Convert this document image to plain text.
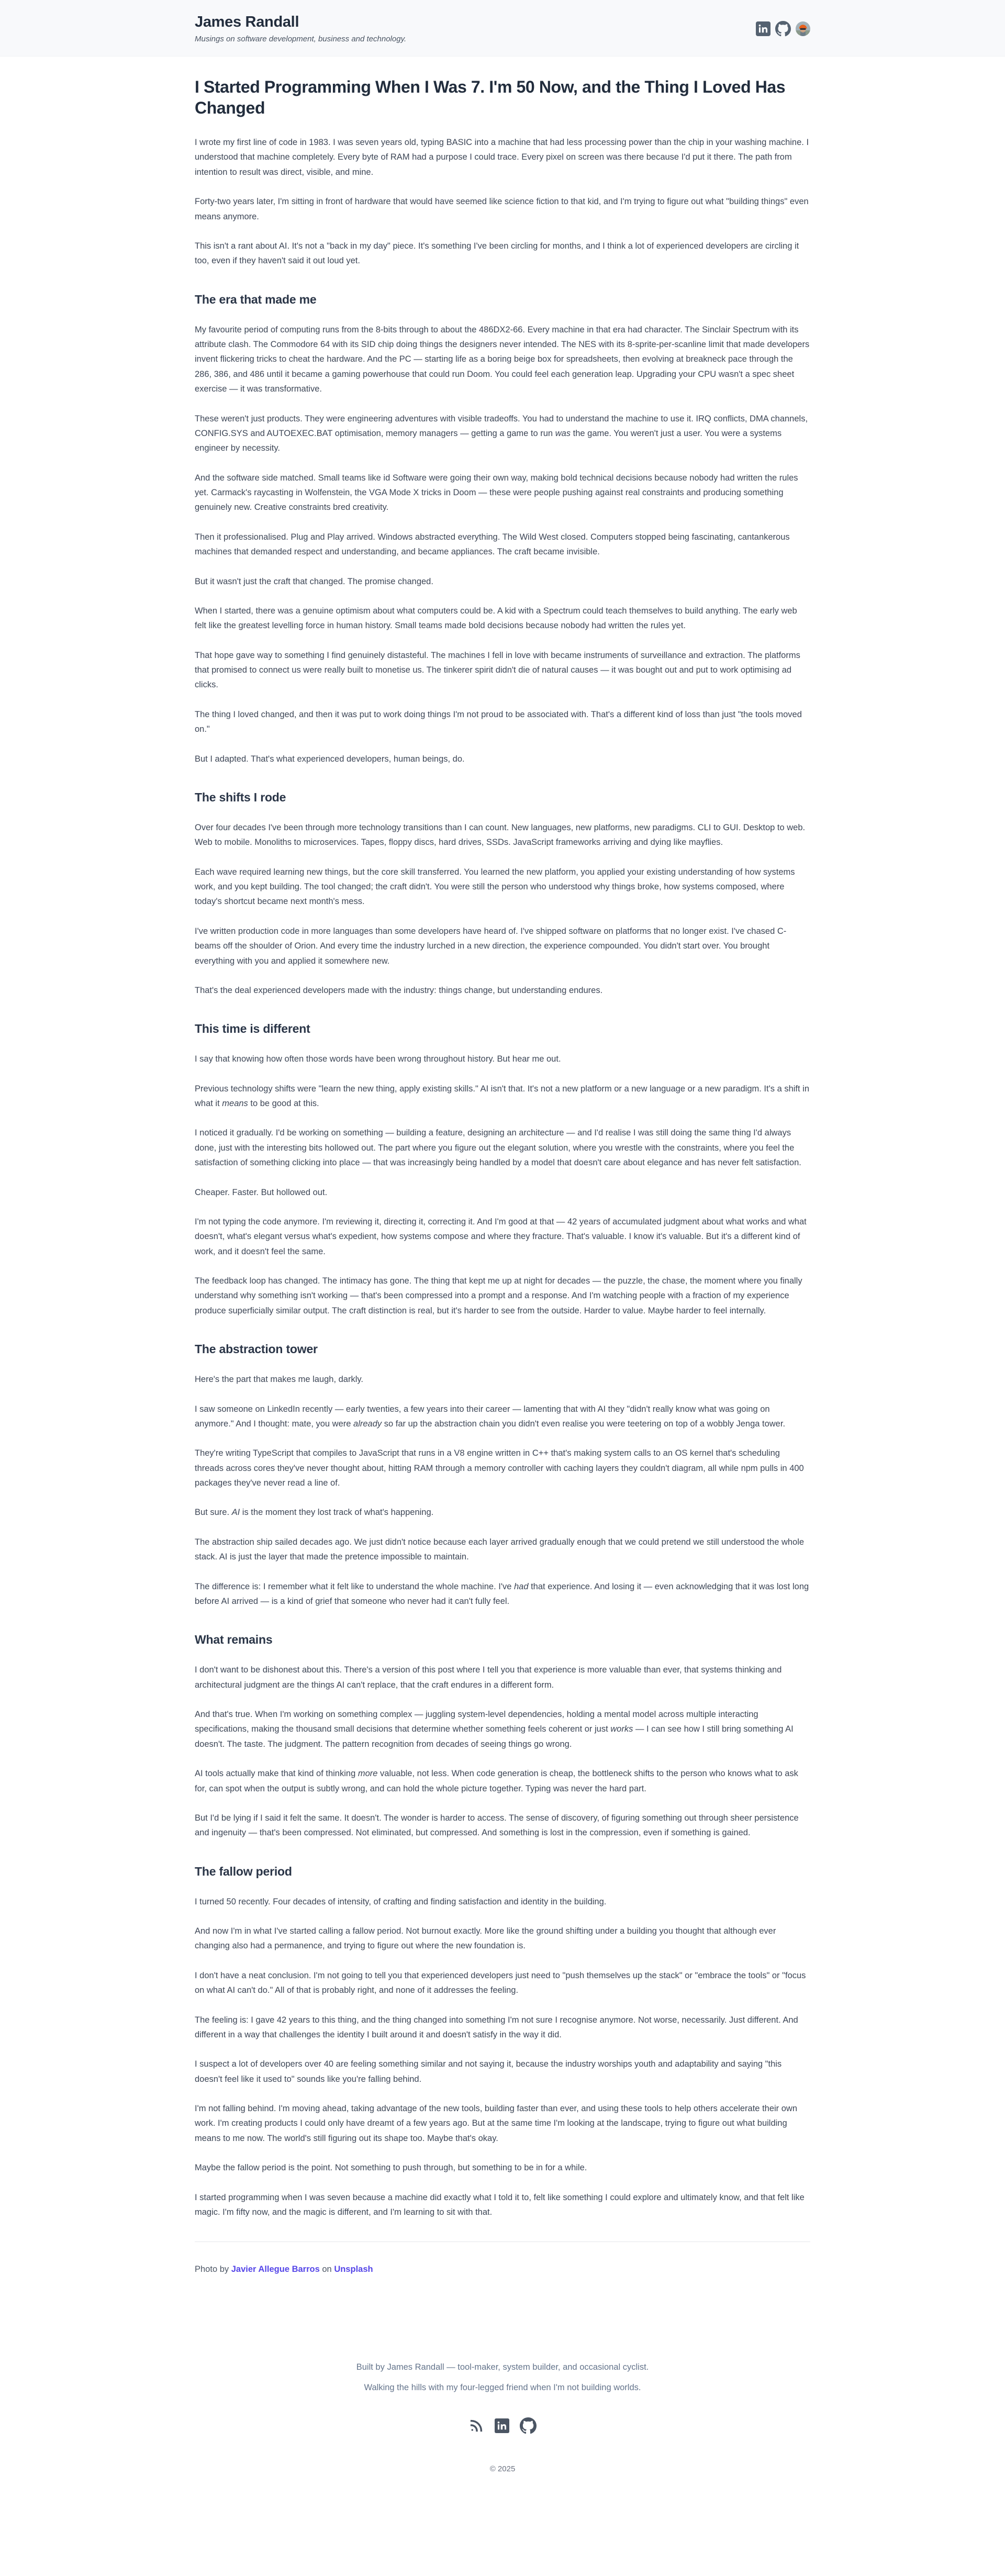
James Randall

Musings on software development, business and technology.

I Started Programming When I Was 7. I'm 50 Now, and the Thing I Loved Has Changed

I wrote my first line of code in 1983. I was seven years old, typing BASIC into a machine that had less processing power than the chip in your washing machine. I understood that machine completely. Every byte of RAM had a purpose I could trace. Every pixel on screen was there because I'd put it there. The path from intention to result was direct, visible, and mine.

Forty-two years later, I'm sitting in front of hardware that would have seemed like science fiction to that kid, and I'm trying to figure out what "building things" even means anymore.

This isn't a rant about AI. It's not a "back in my day" piece. It's something I've been circling for months, and I think a lot of experienced developers are circling it too, even if they haven't said it out loud yet.

The era that made me

My favourite period of computing runs from the 8-bits through to about the 486DX2-66. Every machine in that era had character. The Sinclair Spectrum with its attribute clash. The Commodore 64 with its SID chip doing things the designers never intended. The NES with its 8-sprite-per-scanline limit that made developers invent flickering tricks to cheat the hardware. And the PC — starting life as a boring beige box for spreadsheets, then evolving at breakneck pace through the 286, 386, and 486 until it became a gaming powerhouse that could run Doom. You could feel each generation leap. Upgrading your CPU wasn't a spec sheet exercise — it was transformative.

These weren't just products. They were engineering adventures with visible tradeoffs. You had to understand the machine to use it. IRQ conflicts, DMA channels, CONFIG.SYS and AUTOEXEC.BAT optimisation, memory managers — getting a game to run was the game. You weren't just a user. You were a systems engineer by necessity.

And the software side matched. Small teams like id Software were going their own way, making bold technical decisions because nobody had written the rules yet. Carmack's raycasting in Wolfenstein, the VGA Mode X tricks in Doom — these were people pushing against real constraints and producing something genuinely new. Creative constraints bred creativity.

Then it professionalised. Plug and Play arrived. Windows abstracted everything. The Wild West closed. Computers stopped being fascinating, cantankerous machines that demanded respect and understanding, and became appliances. The craft became invisible.

But it wasn't just the craft that changed. The promise changed.

When I started, there was a genuine optimism about what computers could be. A kid with a Spectrum could teach themselves to build anything. The early web felt like the greatest levelling force in human history. Small teams made bold decisions because nobody had written the rules yet.

That hope gave way to something I find genuinely distasteful. The machines I fell in love with became instruments of surveillance and extraction. The platforms that promised to connect us were really built to monetise us. The tinkerer spirit didn't die of natural causes — it was bought out and put to work optimising ad clicks.

The thing I loved changed, and then it was put to work doing things I'm not proud to be associated with. That's a different kind of loss than just "the tools moved on."

But I adapted. That's what experienced developers, human beings, do.

The shifts I rode

Over four decades I've been through more technology transitions than I can count. New languages, new platforms, new paradigms. CLI to GUI. Desktop to web. Web to mobile. Monoliths to microservices. Tapes, floppy discs, hard drives, SSDs. JavaScript frameworks arriving and dying like mayflies.

Each wave required learning new things, but the core skill transferred. You learned the new platform, you applied your existing understanding of how systems work, and you kept building. The tool changed; the craft didn't. You were still the person who understood why things broke, how systems composed, where today's shortcut became next month's mess.

I've written production code in more languages than some developers have heard of. I've shipped software on platforms that no longer exist. I've chased C-beams off the shoulder of Orion. And every time the industry lurched in a new direction, the experience compounded. You didn't start over. You brought everything with you and applied it somewhere new.

That's the deal experienced developers made with the industry: things change, but understanding endures.

This time is different

I say that knowing how often those words have been wrong throughout history. But hear me out.

Previous technology shifts were "learn the new thing, apply existing skills." AI isn't that. It's not a new platform or a new language or a new paradigm. It's a shift in what it means to be good at this.

I noticed it gradually. I'd be working on something — building a feature, designing an architecture — and I'd realise I was still doing the same thing I'd always done, just with the interesting bits hollowed out. The part where you figure out the elegant solution, where you wrestle with the constraints, where you feel the satisfaction of something clicking into place — that was increasingly being handled by a model that doesn't care about elegance and has never felt satisfaction.

Cheaper. Faster. But hollowed out.

I'm not typing the code anymore. I'm reviewing it, directing it, correcting it. And I'm good at that — 42 years of accumulated judgment about what works and what doesn't, what's elegant versus what's expedient, how systems compose and where they fracture. That's valuable. I know it's valuable. But it's a different kind of work, and it doesn't feel the same.

The feedback loop has changed. The intimacy has gone. The thing that kept me up at night for decades — the puzzle, the chase, the moment where you finally understand why something isn't working — that's been compressed into a prompt and a response. And I'm watching people with a fraction of my experience produce superficially similar output. The craft distinction is real, but it's harder to see from the outside. Harder to value. Maybe harder to feel internally.

The abstraction tower

Here's the part that makes me laugh, darkly.

I saw someone on LinkedIn recently — early twenties, a few years into their career — lamenting that with AI they "didn't really know what was going on anymore." And I thought: mate, you were already so far up the abstraction chain you didn't even realise you were teetering on top of a wobbly Jenga tower.

They're writing TypeScript that compiles to JavaScript that runs in a V8 engine written in C++ that's making system calls to an OS kernel that's scheduling threads across cores they've never thought about, hitting RAM through a memory controller with caching layers they couldn't diagram, all while npm pulls in 400 packages they've never read a line of.

But sure. AI is the moment they lost track of what's happening.

The abstraction ship sailed decades ago. We just didn't notice because each layer arrived gradually enough that we could pretend we still understood the whole stack. AI is just the layer that made the pretence impossible to maintain.

The difference is: I remember what it felt like to understand the whole machine. I've had that experience. And losing it — even acknowledging that it was lost long before AI arrived — is a kind of grief that someone who never had it can't fully feel.

What remains

I don't want to be dishonest about this. There's a version of this post where I tell you that experience is more valuable than ever, that systems thinking and architectural judgment are the things AI can't replace, that the craft endures in a different form.

And that's true. When I'm working on something complex — juggling system-level dependencies, holding a mental model across multiple interacting specifications, making the thousand small decisions that determine whether something feels coherent or just works — I can see how I still bring something AI doesn't. The taste. The judgment. The pattern recognition from decades of seeing things go wrong.

AI tools actually make that kind of thinking more valuable, not less. When code generation is cheap, the bottleneck shifts to the person who knows what to ask for, can spot when the output is subtly wrong, and can hold the whole picture together. Typing was never the hard part.

But I'd be lying if I said it felt the same. It doesn't. The wonder is harder to access. The sense of discovery, of figuring something out through sheer persistence and ingenuity — that's been compressed. Not eliminated, but compressed. And something is lost in the compression, even if something is gained.

The fallow period

I turned 50 recently. Four decades of intensity, of crafting and finding satisfaction and identity in the building.

And now I'm in what I've started calling a fallow period. Not burnout exactly. More like the ground shifting under a building you thought that although ever changing also had a permanence, and trying to figure out where the new foundation is.

I don't have a neat conclusion. I'm not going to tell you that experienced developers just need to "push themselves up the stack" or "embrace the tools" or "focus on what AI can't do." All of that is probably right, and none of it addresses the feeling.

The feeling is: I gave 42 years to this thing, and the thing changed into something I'm not sure I recognise anymore. Not worse, necessarily. Just different. And different in a way that challenges the identity I built around it and doesn't satisfy in the way it did.

I suspect a lot of developers over 40 are feeling something similar and not saying it, because the industry worships youth and adaptability and saying "this doesn't feel like it used to" sounds like you're falling behind.

I'm not falling behind. I'm moving ahead, taking advantage of the new tools, building faster than ever, and using these tools to help others accelerate their own work. I'm creating products I could only have dreamt of a few years ago. But at the same time I'm looking at the landscape, trying to figure out what building means to me now. The world's still figuring out its shape too. Maybe that's okay.

Maybe the fallow period is the point. Not something to push through, but something to be in for a while.

I started programming when I was seven because a machine did exactly what I told it to, felt like something I could explore and ultimately know, and that felt like magic. I'm fifty now, and the magic is different, and I'm learning to sit with that.

Photo by Javier Allegue Barros on Unsplash

Built by James Randall — tool-maker, system builder, and occasional cyclist.

Walking the hills with my four-legged friend when I'm not building worlds.

© 2025
